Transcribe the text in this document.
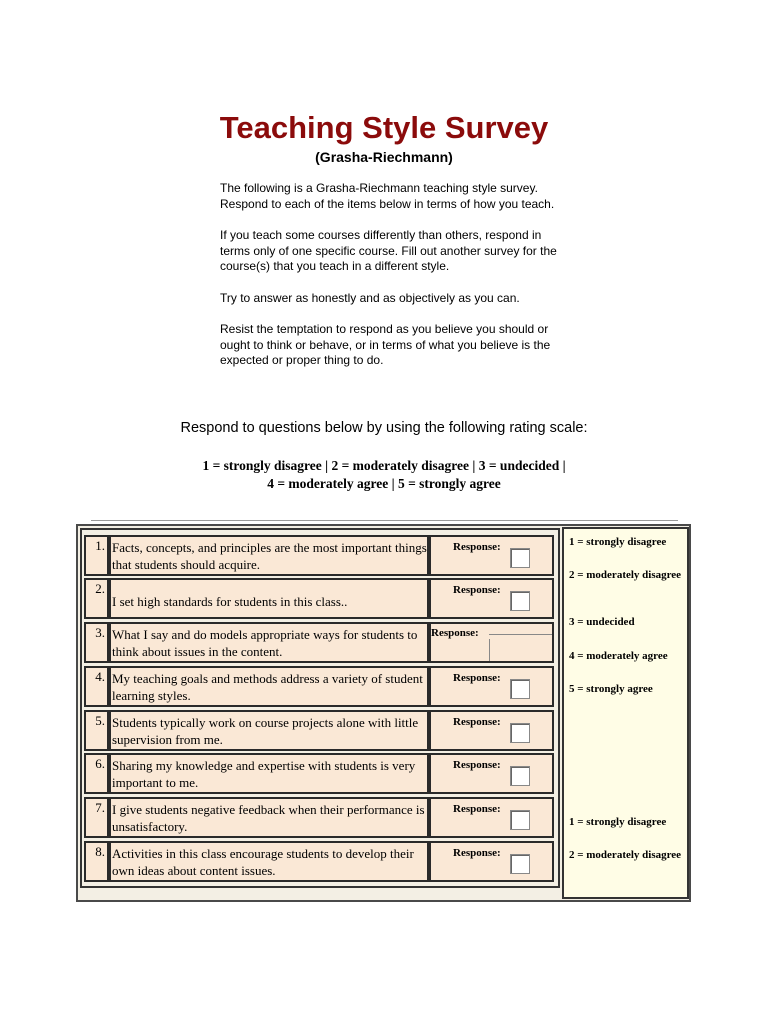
Teaching Style Survey
(Grasha-Riechmann)

The following is a Grasha-Riechmann teaching style survey. Respond to each of the items below in terms of how you teach.

If you teach some courses differently than others, respond in terms only of one specific course. Fill out another survey for the course(s) that you teach in a different style.

Try to answer as honestly and as objectively as you can.

Resist the temptation to respond as you believe you should or ought to think or behave, or in terms of what you believe is the expected or proper thing to do.

Respond to questions below by using the following rating scale:
1 = strongly disagree | 2 = moderately disagree | 3 = undecided |
4 = moderately agree | 5 = strongly agree
1. Facts, concepts, and principles are the most important things that students should acquire.
Response:
2.
I set high standards for students in this class..
Response:
3. What I say and do models appropriate ways for students to think about issues in the content.
Response:
4. My teaching goals and methods address a variety of student learning styles.
Response:
5. Students typically work on course projects alone with little supervision from me.
Response:
6. Sharing my knowledge and expertise with students is very important to me.
Response:
7. I give students negative feedback when their performance is unsatisfactory.
Response:
8. Activities in this class encourage students to develop their own ideas about content issues.
Response:
1 = strongly disagree
2 = moderately disagree
3 = undecided
4 = moderately agree
5 = strongly agree
1 = strongly disagree
2 = moderately disagree
